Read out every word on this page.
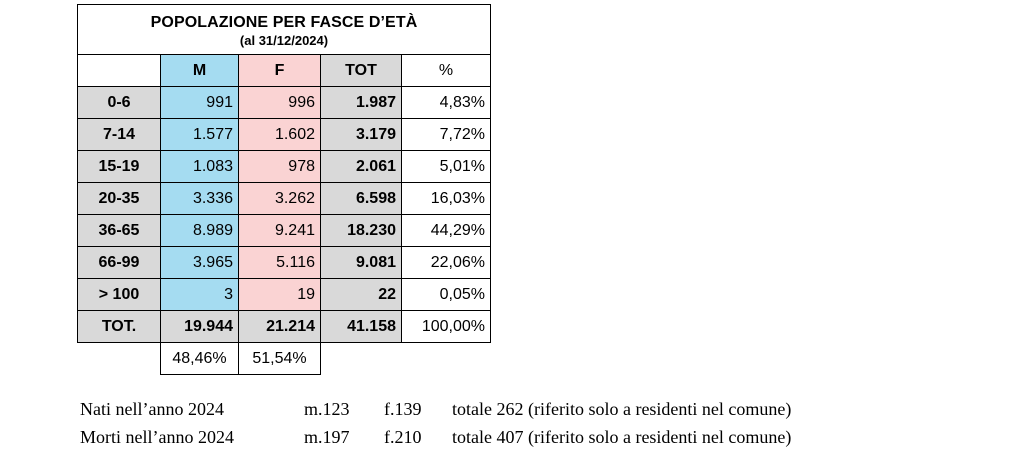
POPOLAZIONE PER FASCE D’ETÀ
(al 31/12/2024)				

	M	F	TOT	%
0-6	991	996	1.987	4,83%
7-14	1.577	1.602	3.179	7,72%
15-19	1.083	978	2.061	5,01%
20-35	3.336	3.262	6.598	16,03%
36-65	8.989	9.241	18.230	44,29%
66-99	3.965	5.116	9.081	22,06%
> 100	3	19	22	0,05%
TOT.	19.944	21.214	41.158	100,00%
	48,46%	51,54%		
Nati nell’anno 2024	m.123 f.139 totale 262 (riferito solo a residenti nel comune)
Morti nell’anno 2024	m.197 f.210 totale 407 (riferito solo a residenti nel comune)
